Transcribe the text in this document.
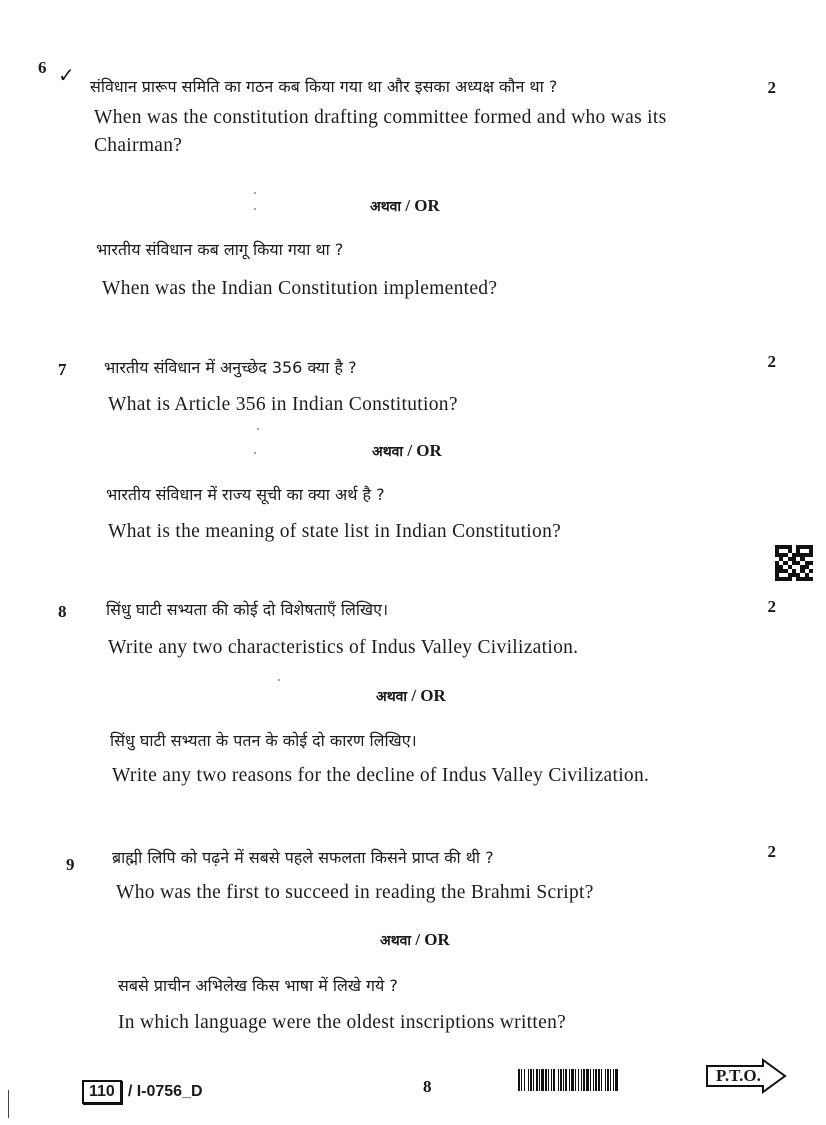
6 ✓ संविधान प्रारूप समिति का गठन कब किया गया था और इसका अध्यक्ष कौन था ?	2
When was the constitution drafting committee formed and who was its Chairman?
अथवा / OR
भारतीय संविधान कब लागू किया गया था ?
When was the Indian Constitution implemented?
7 भारतीय संविधान में अनुच्छेद 356 क्या है ?	2
What is Article 356 in Indian Constitution?
अथवा / OR
भारतीय संविधान में राज्य सूची का क्या अर्थ है ?
What is the meaning of state list in Indian Constitution?
8 सिंधु घाटी सभ्यता की कोई दो विशेषताएँ लिखिए।	2
Write any two characteristics of Indus Valley Civilization.
अथवा / OR
सिंधु घाटी सभ्यता के पतन के कोई दो कारण लिखिए।
Write any two reasons for the decline of Indus Valley Civilization.
9 ब्राह्मी लिपि को पढ़ने में सबसे पहले सफलता किसने प्राप्त की थी ?	2
Who was the first to succeed in reading the Brahmi Script?
अथवा / OR
सबसे प्राचीन अभिलेख किस भाषा में लिखे गये ?
In which language were the oldest inscriptions written?
110 / I-0756_D	8
P.T.O.
